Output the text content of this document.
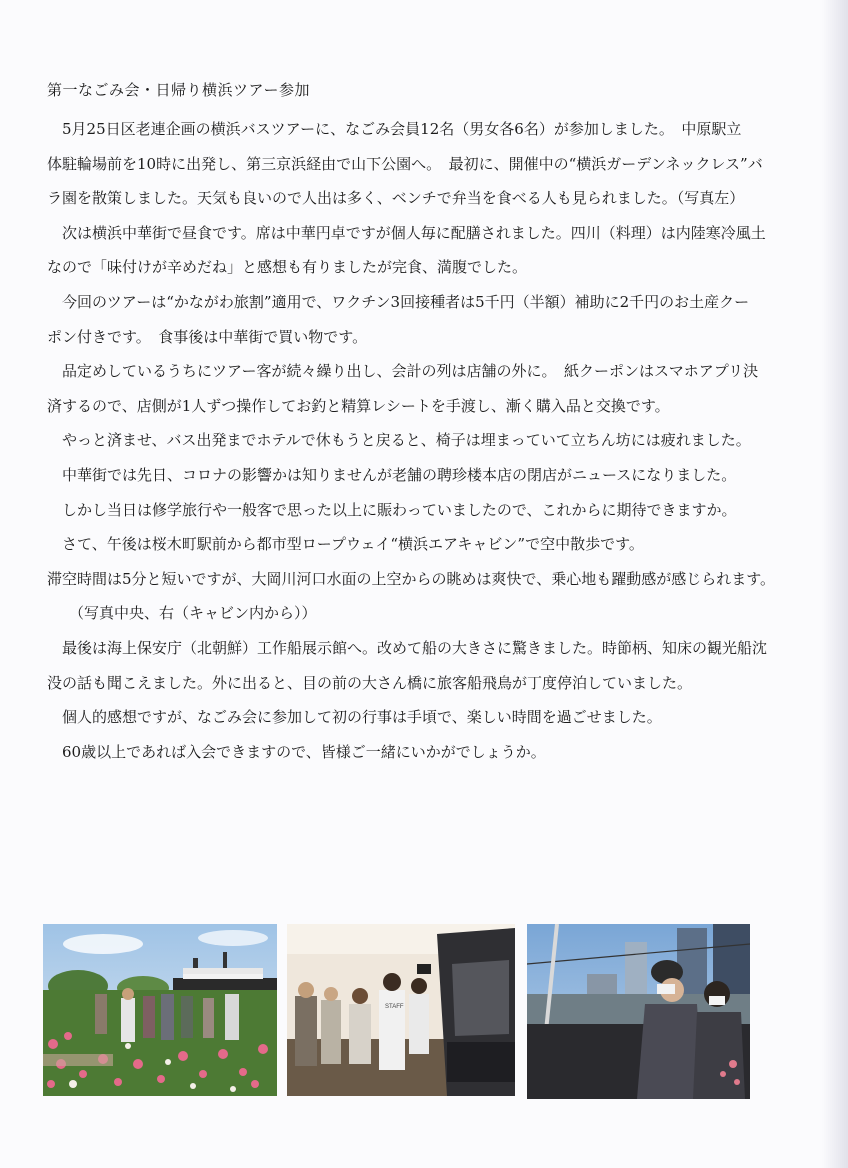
第一なごみ会・日帰り横浜ツアー参加
5月25日区老連企画の横浜バスツアーに、なごみ会員12名（男女各6名）が参加しました。　中原駅立
体駐輪場前を10時に出発し、第三京浜経由で山下公園へ。　最初に、開催中の“横浜ガーデンネックレス”バ
ラ園を散策しました。天気も良いので人出は多く、ベンチで弁当を食べる人も見られました。（写真左）
次は横浜中華街で昼食です。席は中華円卓ですが個人毎に配膳されました。四川（料理）は内陸寒冷風土
なので「味付けが辛めだね」と感想も有りましたが完食、満腹でした。
今回のツアーは“かながわ旅割”適用で、ワクチン3回接種者は5千円（半額）補助に2千円のお土産クー
ポン付きです。　食事後は中華街で買い物です。
品定めしているうちにツアー客が続々繰り出し、会計の列は店舗の外に。　紙クーポンはスマホアプリ決
済するので、店側が1人ずつ操作してお釣と精算レシートを手渡し、漸く購入品と交換です。
やっと済ませ、バス出発までホテルで休もうと戻ると、椅子は埋まっていて立ちん坊には疲れました。
中華街では先日、コロナの影響かは知りませんが老舗の聘珍楼本店の閉店がニュースになりました。
しかし当日は修学旅行や一般客で思った以上に賑わっていましたので、これからに期待できますか。
さて、午後は桜木町駅前から都市型ロープウェイ“横浜エアキャビン”で空中散歩です。
滞空時間は5分と短いですが、大岡川河口水面の上空からの眺めは爽快で、乗心地も躍動感が感じられます。
（写真中央、右（キャビン内から））
最後は海上保安庁（北朝鮮）工作船展示館へ。改めて船の大きさに驚きました。時節柄、知床の観光船沈
没の話も聞こえました。外に出ると、目の前の大さん橋に旅客船飛鳥が丁度停泊していました。
個人的感想ですが、なごみ会に参加して初の行事は手頃で、楽しい時間を過ごせました。
60歳以上であれば入会できますので、皆様ご一緒にいかがでしょうか。
STAFF
